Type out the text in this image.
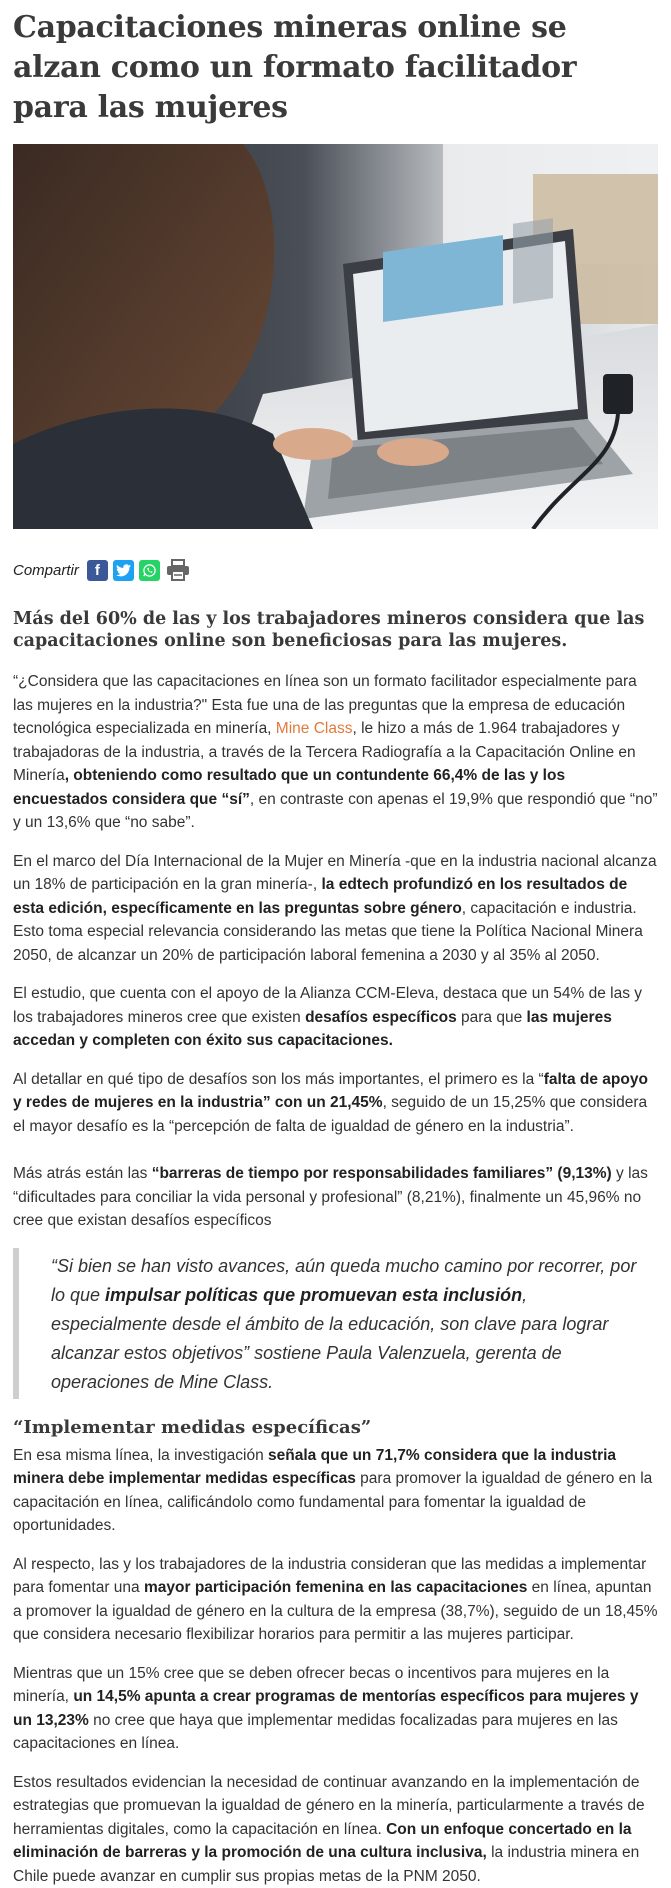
Capacitaciones mineras online se alzan como un formato facilitador para las mujeres
Compartir	f
Más del 60% de las y los trabajadores mineros considera que las capacitaciones online son beneficiosas para las mujeres.

“¿Considera que las capacitaciones en línea son un formato facilitador especialmente para las mujeres en la industria?" Esta fue una de las preguntas que la empresa de educación tecnológica especializada en minería, Mine Class, le hizo a más de 1.964 trabajadores y trabajadoras de la industria, a través de la Tercera Radiografía a la Capacitación Online en Minería, obteniendo como resultado que un contundente 66,4% de las y los encuestados considera que “sí”, en contraste con apenas el 19,9% que respondió que “no” y un 13,6% que “no sabe”.

En el marco del Día Internacional de la Mujer en Minería -que en la industria nacional alcanza un 18% de participación en la gran minería-, la edtech profundizó en los resultados de esta edición, específicamente en las preguntas sobre género, capacitación e industria. Esto toma especial relevancia considerando las metas que tiene la Política Nacional Minera 2050, de alcanzar un 20% de participación laboral femenina a 2030 y al 35% al 2050.

El estudio, que cuenta con el apoyo de la Alianza CCM-Eleva, destaca que un 54% de las y los trabajadores mineros cree que existen desafíos específicos para que las mujeres accedan y completen con éxito sus capacitaciones.

Al detallar en qué tipo de desafíos son los más importantes, el primero es la “falta de apoyo y redes de mujeres en la industria” con un 21,45%, seguido de un 15,25% que considera el mayor desafío es la “percepción de falta de igualdad de género en la industria”.

Más atrás están las “barreras de tiempo por responsabilidades familiares” (9,13%) y las “dificultades para conciliar la vida personal y profesional” (8,21%), finalmente un 45,96% no cree que existan desafíos específicos

“Si bien se han visto avances, aún queda mucho camino por recorrer, por lo que impulsar políticas que promuevan esta inclusión, especialmente desde el ámbito de la educación, son clave para lograr alcanzar estos objetivos” sostiene Paula Valenzuela, gerenta de operaciones de Mine Class.
“Implementar medidas específicas”

En esa misma línea, la investigación señala que un 71,7% considera que la industria minera debe implementar medidas específicas para promover la igualdad de género en la capacitación en línea, calificándolo como fundamental para fomentar la igualdad de oportunidades.

Al respecto, las y los trabajadores de la industria consideran que las medidas a implementar para fomentar una mayor participación femenina en las capacitaciones en línea, apuntan a promover la igualdad de género en la cultura de la empresa (38,7%), seguido de un 18,45% que considera necesario flexibilizar horarios para permitir a las mujeres participar.

Mientras que un 15% cree que se deben ofrecer becas o incentivos para mujeres en la minería, un 14,5% apunta a crear programas de mentorías específicos para mujeres y un 13,23% no cree que haya que implementar medidas focalizadas para mujeres en las capacitaciones en línea.

Estos resultados evidencian la necesidad de continuar avanzando en la implementación de estrategias que promuevan la igualdad de género en la minería, particularmente a través de herramientas digitales, como la capacitación en línea. Con un enfoque concertado en la eliminación de barreras y la promoción de una cultura inclusiva, la industria minera en Chile puede avanzar en cumplir sus propias metas de la PNM 2050.
